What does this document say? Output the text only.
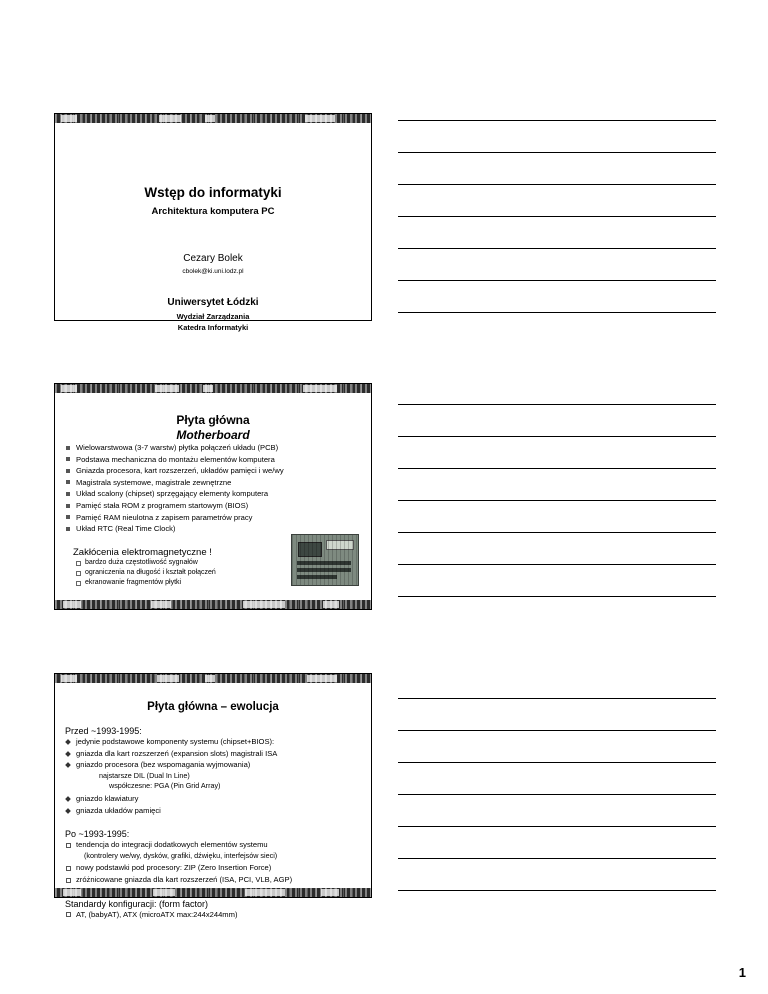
Wstęp do informatyki
Architektura komputera PC
Cezary Bolek
cbolek@ki.uni.lodz.pl
Uniwersytet Łódzki
Wydział Zarządzania
Katedra Informatyki
Płyta główna
Motherboard
Wielowarstwowa (3-7 warstw) płytka połączeń układu (PCB)
Podstawa mechaniczna do montażu elementów komputera
Gniazda procesora, kart rozszerzeń, układów pamięci i we/wy
Magistrala systemowe, magistrale zewnętrzne
Układ scalony (chipset) sprzęgający elementy komputera
Pamięć stała ROM z programem startowym (BIOS)
Pamięć RAM nieulotna z zapisem parametrów pracy
Układ RTC (Real Time Clock)
Zakłócenia elektromagnetyczne !
bardzo duża częstotliwość sygnałów
ograniczenia na długość i kształt połączeń
ekranowanie fragmentów płytki
Płyta główna – ewolucja
Przed ~1993-1995:
jedynie podstawowe komponenty systemu (chipset+BIOS):
gniazda dla kart rozszerzeń (expansion slots) magistrali ISA
gniazdo procesora (bez wspomagania wyjmowania)
najstarsze DIL (Dual In Line)
współczesne: PGA (Pin Grid Array)
gniazdo klawiatury
gniazda układów pamięci
Po ~1993-1995:
tendencja do integracji dodatkowych elementów systemu
(kontrolery we/wy, dysków, grafiki, dźwięku, interfejsów sieci)
nowy podstawki pod procesory: ZIP (Zero Insertion Force)
zróżnicowane gniazda dla kart rozszerzeń (ISA, PCI, VLB, AGP)
Standardy konfiguracji: (form factor)
AT, (babyAT), ATX (microATX max:244x244mm)
1
